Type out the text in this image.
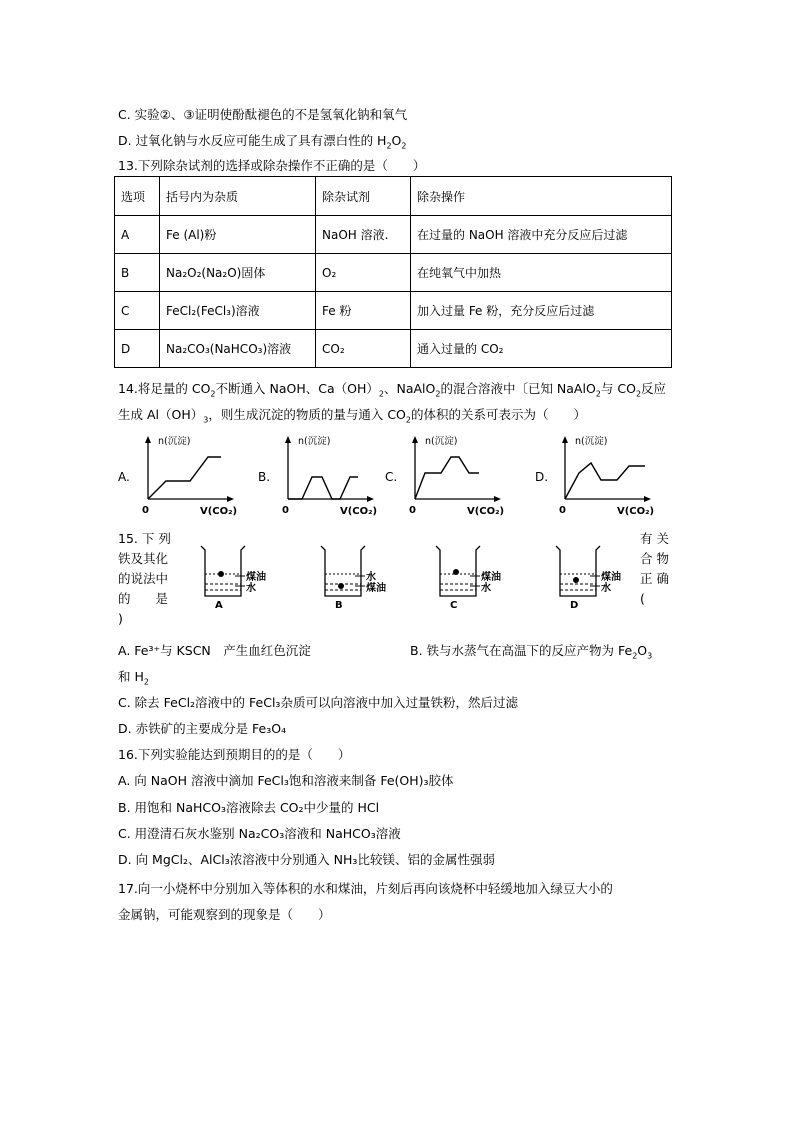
C. 实验②、③证明使酚酞褪色的不是氢氧化钠和氧气
D. 过氧化钠与水反应可能生成了具有漂白性的 $H_2O_2$
13.下列除杂试剂的选择或除杂操作不正确的是（　　）
选项	括号内为杂质	除杂试剂	除杂操作
A	Fe (Al)粉	NaOH 溶液.	在过量的 NaOH 溶液中充分反应后过滤
B	Na₂O₂(Na₂O)固体	O₂	在纯氧气中加热
C	FeCl₂(FeCl₃)溶液	Fe 粉	加入过量 Fe 粉，充分反应后过滤
D	Na₂CO₃(NaHCO₃)溶液	CO₂	通入过量的 CO₂
14.将足量的 $CO_2$不断通入 NaOH、$Ca(OH)_2$、NaAlO$_2$的混合溶液中〔已知 NaAlO$_2$与 $CO_2$反应
生成 $Al(OH)_3$，则生成沉淀的物质的量与通入 $CO_2$的体积的关系可表示为（　　）
A.	B.	C.	D.
n(沉淀)
0	V(CO₂)
n(沉淀)
0	V(CO₂)
n(沉淀)
0	V(CO₂)
n(沉淀)
0	V(CO₂)
15. 下 列
铁及其化
的说法中
的　　是
)
有 关
合 物
正 确
(
煤油
水
A
水
煤油
B
煤油
水
C
煤油
水
D
A. Fe³⁺与 KSCN　产生血红色沉淀	B. 铁与水蒸气在高温下的反应产物为 $Fe_2O_3$
和 $H_2$
C. 除去 FeCl₂溶液中的 FeCl₃杂质可以向溶液中加入过量铁粉，然后过滤
D. 赤铁矿的主要成分是 Fe₃O₄
16.下列实验能达到预期目的的是（　　）
A. 向 NaOH 溶液中滴加 FeCl₃饱和溶液来制备 Fe(OH)₃胶体
B. 用饱和 NaHCO₃溶液除去 CO₂中少量的 HCl
C. 用澄清石灰水鉴别 Na₂CO₃溶液和 NaHCO₃溶液
D. 向 MgCl₂、AlCl₃浓溶液中分别通入 NH₃比较镁、铝的金属性强弱
17.向一小烧杯中分别加入等体积的水和煤油，片刻后再向该烧杯中轻缓地加入绿豆大小的
金属钠，可能观察到的现象是（　　）
